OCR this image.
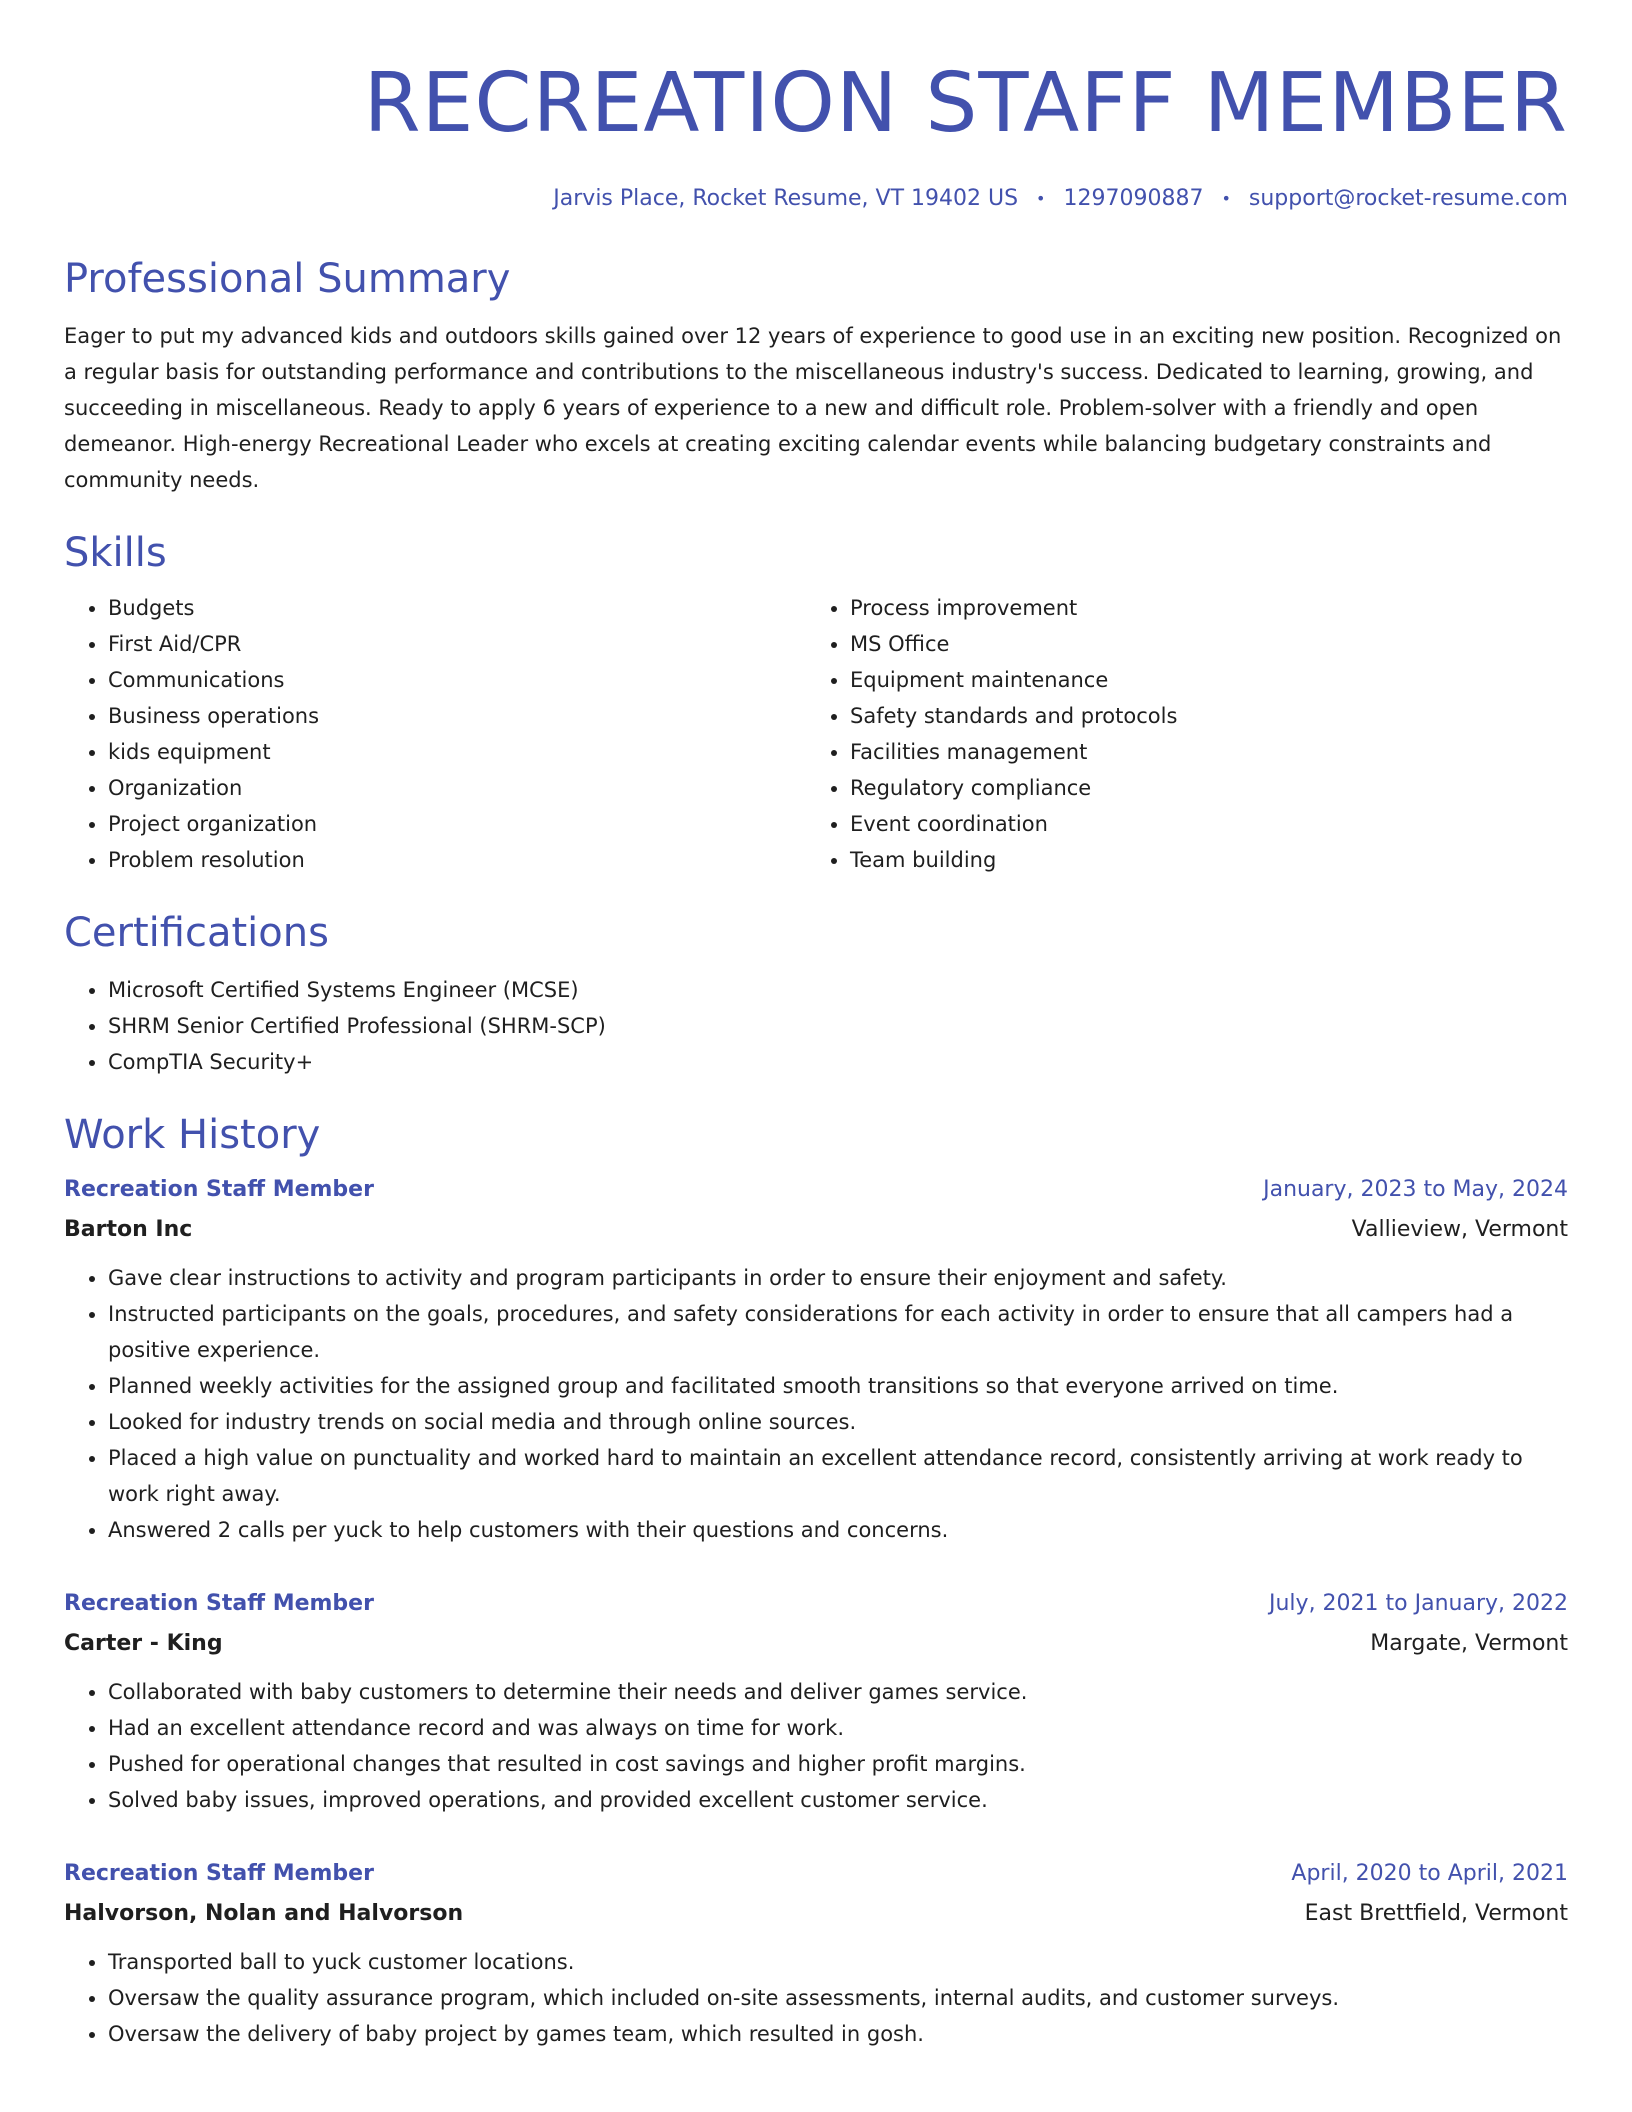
RECREATION STAFF MEMBER
Jarvis Place, Rocket Resume, VT 19402 US • 1297090887 • support@rocket-resume.com
Professional Summary

Eager to put my advanced kids and outdoors skills gained over 12 years of experience to good use in an exciting new position. Recognized on a regular basis for outstanding performance and contributions to the miscellaneous industry's success. Dedicated to learning, growing, and succeeding in miscellaneous. Ready to apply 6 years of experience to a new and difficult role. Problem-solver with a friendly and open demeanor. High-energy Recreational Leader who excels at creating exciting calendar events while balancing budgetary constraints and community needs.

Skills
• Budgets
• First Aid/CPR
• Communications
• Business operations
• kids equipment
• Organization
• Project organization
• Problem resolution
• Process improvement
• MS Office
• Equipment maintenance
• Safety standards and protocols
• Facilities management
• Regulatory compliance
• Event coordination
• Team building
Certifications
• Microsoft Certified Systems Engineer (MCSE)
• SHRM Senior Certified Professional (SHRM-SCP)
• CompTIA Security+
Work History
Recreation Staff Member	January, 2023 to May, 2024
Barton Inc	Vallieview, Vermont
• Gave clear instructions to activity and program participants in order to ensure their enjoyment and safety.
• Instructed participants on the goals, procedures, and safety considerations for each activity in order to ensure that all campers had a positive experience.
• Planned weekly activities for the assigned group and facilitated smooth transitions so that everyone arrived on time.
• Looked for industry trends on social media and through online sources.
• Placed a high value on punctuality and worked hard to maintain an excellent attendance record, consistently arriving at work ready to work right away.
• Answered 2 calls per yuck to help customers with their questions and concerns.
Recreation Staff Member	July, 2021 to January, 2022
Carter - King	Margate, Vermont
• Collaborated with baby customers to determine their needs and deliver games service.
• Had an excellent attendance record and was always on time for work.
• Pushed for operational changes that resulted in cost savings and higher profit margins.
• Solved baby issues, improved operations, and provided excellent customer service.
Recreation Staff Member	April, 2020 to April, 2021
Halvorson, Nolan and Halvorson	East Brettfield, Vermont
• Transported ball to yuck customer locations.
• Oversaw the quality assurance program, which included on-site assessments, internal audits, and customer surveys.
• Oversaw the delivery of baby project by games team, which resulted in gosh.
